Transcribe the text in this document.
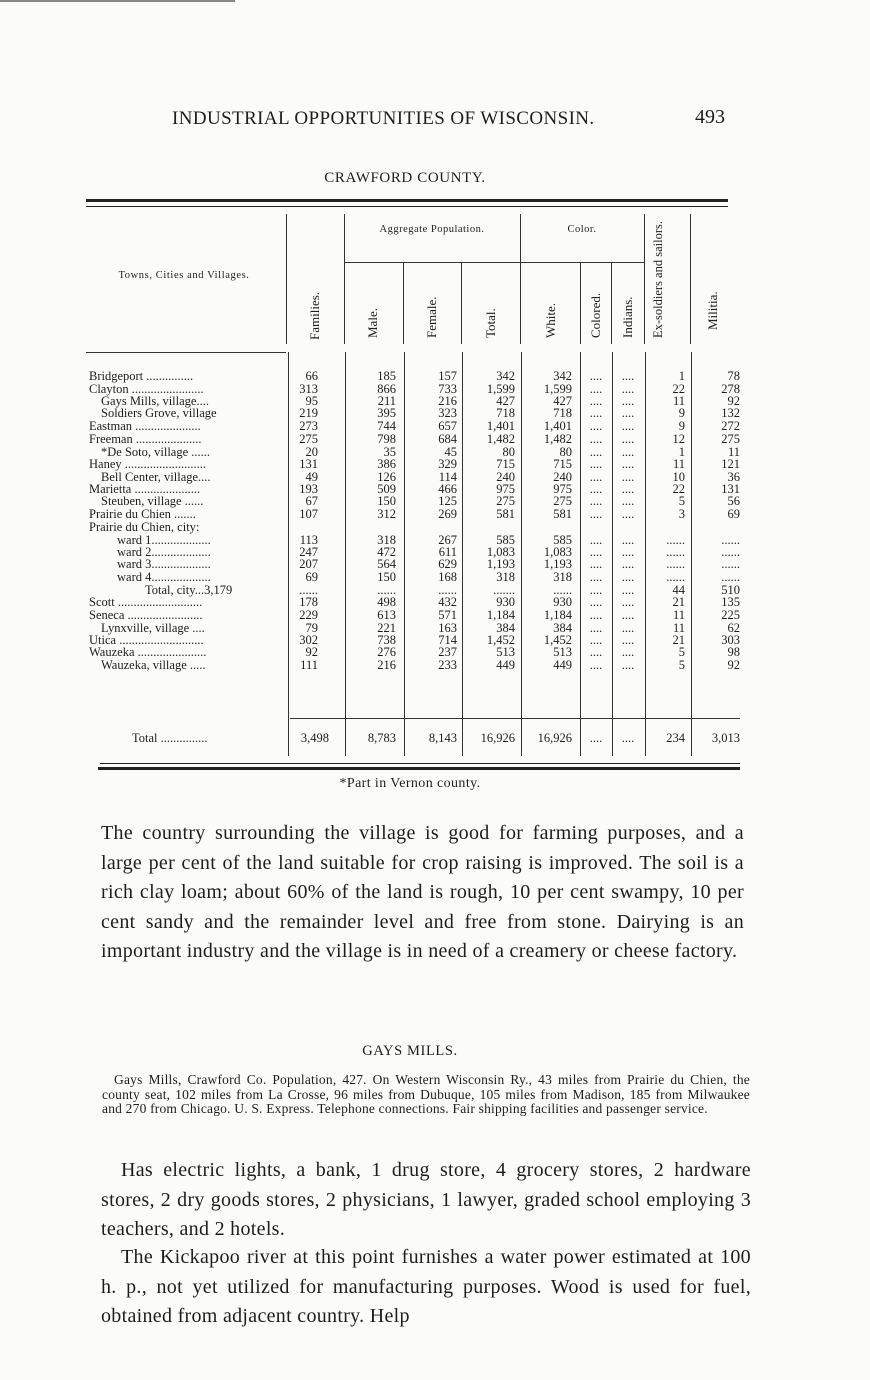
INDUSTRIAL OPPORTUNITIES OF WISCONSIN.	493
CRAWFORD COUNTY.
Towns, Cities and Villages.
Aggregate Population.	Color.
Families.	Male.	Female.	Total.	White. Colored. Indians. Ex-soldiers and sailors.	Militia.
Bridgeport ...............	66	185	157	342	342	....	....	1	78
Clayton .......................	313	866	733	1,599	1,599	....	....	22	278
Gays Mills, village....	95	211	216	427	427	....	....	11	92
Soldiers Grove, village	219	395	323	718	718	....	....	9	132
Eastman .....................	273	744	657	1,401	1,401	....	....	9	272
Freeman .....................	275	798	684	1,482	1,482	....	....	12	275
*De Soto, village ......	20	35	45	80	80	....	....	1	11
Haney ..........................	131	386	329	715	715	....	....	11	121
Bell Center, village....	49	126	114	240	240	....	....	10	36
Marietta .....................	193	509	466	975	975	....	....	22	131
Steuben, village ......	67	150	125	275	275	....	....	5	56
Prairie du Chien .......	107	312	269	581	581	....	....	3	69
Prairie du Chien, city:
ward 1...................	113	318	267	585	585	....	....	......	......
ward 2...................	247	472	611	1,083	1,083	....	....	......	......
ward 3...................	207	564	629	1,193	1,193	....	....	......	......
ward 4...................	69	150	168	318	318	....	....	......	......
Total, city...3,179	......	......	......	.......	......	....	....	44	510
Scott ...........................	178	498	432	930	930	....	....	21	135
Seneca ........................	229	613	571	1,184	1,184	....	....	11	225
Lynxville, village ....	79	221	163	384	384	....	....	11	62
Utica ...........................	302	738	714	1,452	1,452	....	....	21	303
Wauzeka ......................	92	276	237	513	513	....	....	5	98
Wauzeka, village .....	111	216	233	449	449	....	....	5	92
Total ...............	3,498	8,783	8,143	16,926	16,926	....	....	234	3,013
*Part in Vernon county.

The country surrounding the village is good for farming purposes, and a large per cent of the land suitable for crop raising is improved. The soil is a rich clay loam; about 60% of the land is rough, 10 per cent swampy, 10 per cent sandy and the remainder level and free from stone. Dairying is an important industry and the village is in need of a creamery or cheese factory.

GAYS MILLS.

Gays Mills, Crawford Co. Population, 427. On Western Wisconsin Ry., 43 miles from Prairie du Chien, the county seat, 102 miles from La Crosse, 96 miles from Dubuque, 105 miles from Madison, 185 from Milwaukee and 270 from Chicago. U. S. Express. Telephone connections. Fair shipping facilities and passenger service.

Has electric lights, a bank, 1 drug store, 4 grocery stores, 2 hardware stores, 2 dry goods stores, 2 physicians, 1 lawyer, graded school employing 3 teachers, and 2 hotels.

The Kickapoo river at this point furnishes a water power estimated at 100 h. p., not yet utilized for manufacturing purposes. Wood is used for fuel, obtained from adjacent country. Help
